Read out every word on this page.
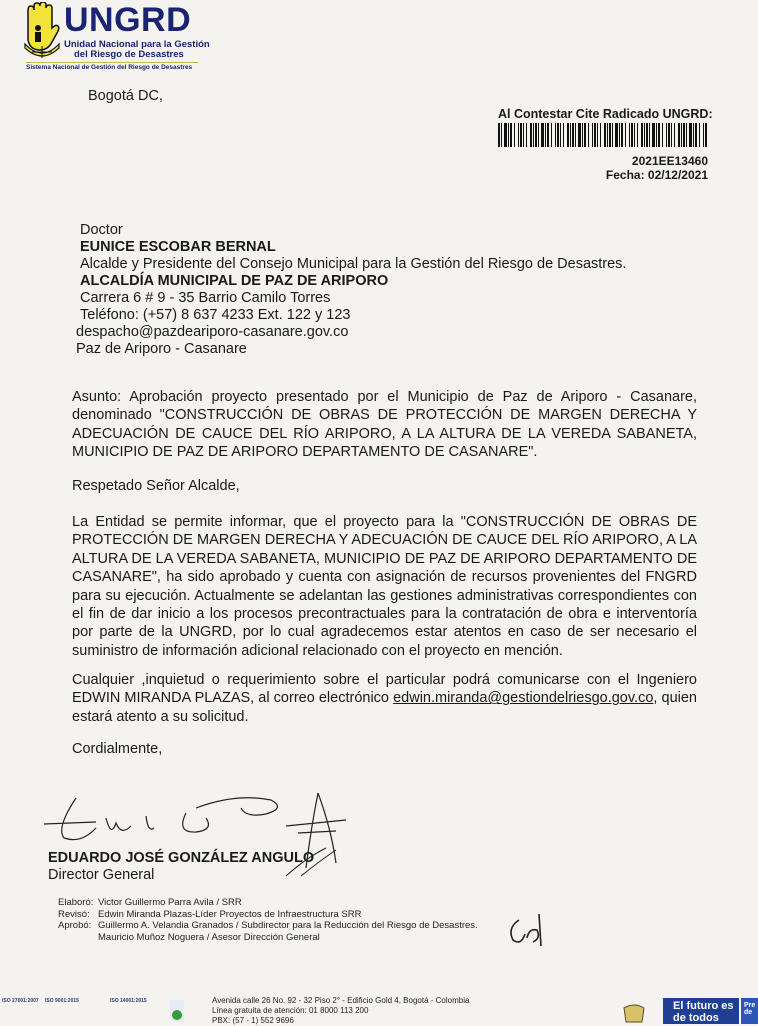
UNGRD
Unidad Nacional para la Gestión
del Riesgo de Desastres
Sistema Nacional de Gestión del Riesgo de Desastres
Bogotá DC,
Al Contestar Cite Radicado UNGRD:
2021EE13460
Fecha: 02/12/2021
Doctor
EUNICE ESCOBAR BERNAL
Alcalde y Presidente del Consejo Municipal para la Gestión del Riesgo de Desastres.
ALCALDÍA MUNICIPAL DE PAZ DE ARIPORO
Carrera 6 # 9 - 35 Barrio Camilo Torres
Teléfono: (+57) 8 637 4233 Ext. 122 y 123
despacho@pazdeariporo-casanare.gov.co
Paz de Ariporo - Casanare
Asunto: Aprobación proyecto presentado por el Municipio de Paz de Ariporo - Casanare, denominado "CONSTRUCCIÓN DE OBRAS DE PROTECCIÓN DE MARGEN DERECHA Y ADECUACIÓN DE CAUCE DEL RÍO ARIPORO, A LA ALTURA DE LA VEREDA SABANETA, MUNICIPIO DE PAZ DE ARIPORO DEPARTAMENTO DE CASANARE".
Respetado Señor Alcalde,
La Entidad se permite informar, que el proyecto para la "CONSTRUCCIÓN DE OBRAS DE PROTECCIÓN DE MARGEN DERECHA Y ADECUACIÓN DE CAUCE DEL RÍO ARIPORO, A LA ALTURA DE LA VEREDA SABANETA, MUNICIPIO DE PAZ DE ARIPORO DEPARTAMENTO DE CASANARE", ha sido aprobado y cuenta con asignación de recursos provenientes del FNGRD para su ejecución. Actualmente se adelantan las gestiones administrativas correspondientes con el fin de dar inicio a los procesos precontractuales para la contratación de obra e interventoría por parte de la UNGRD, por lo cual agradecemos estar atentos en caso de ser necesario el suministro de información adicional relacionado con el proyecto en mención.
Cualquier ,inquietud o requerimiento sobre el particular podrá comunicarse con el Ingeniero EDWIN MIRANDA PLAZAS, al correo electrónico edwin.miranda@gestiondelriesgo.gov.co, quien estará atento a su solicitud.
Cordialmente,
EDUARDO JOSÉ GONZÁLEZ ANGULO
Director General
Elaboró: Victor Guillermo Parra Avila / SRR
Revisó: Edwin Miranda Plazas-Líder Proyectos de Infraestructura SRR
Aprobó: Guillermo A. Velandia Granados / Subdirector para la Reducción del Riesgo de Desastres.
Mauricio Muñoz Noguera / Asesor Dirección General
ISO 27001:2007	ISO 9001:2015	ISO 14001:2015	Avenida calle 26 No. 92 - 32 Piso 2° - Edificio Gold 4, Bogotá - Colombia
Línea gratuita de atención: 01 8000 113 200
PBX: (57 - 1) 552 9696
El futuro es de todos
Pre de
